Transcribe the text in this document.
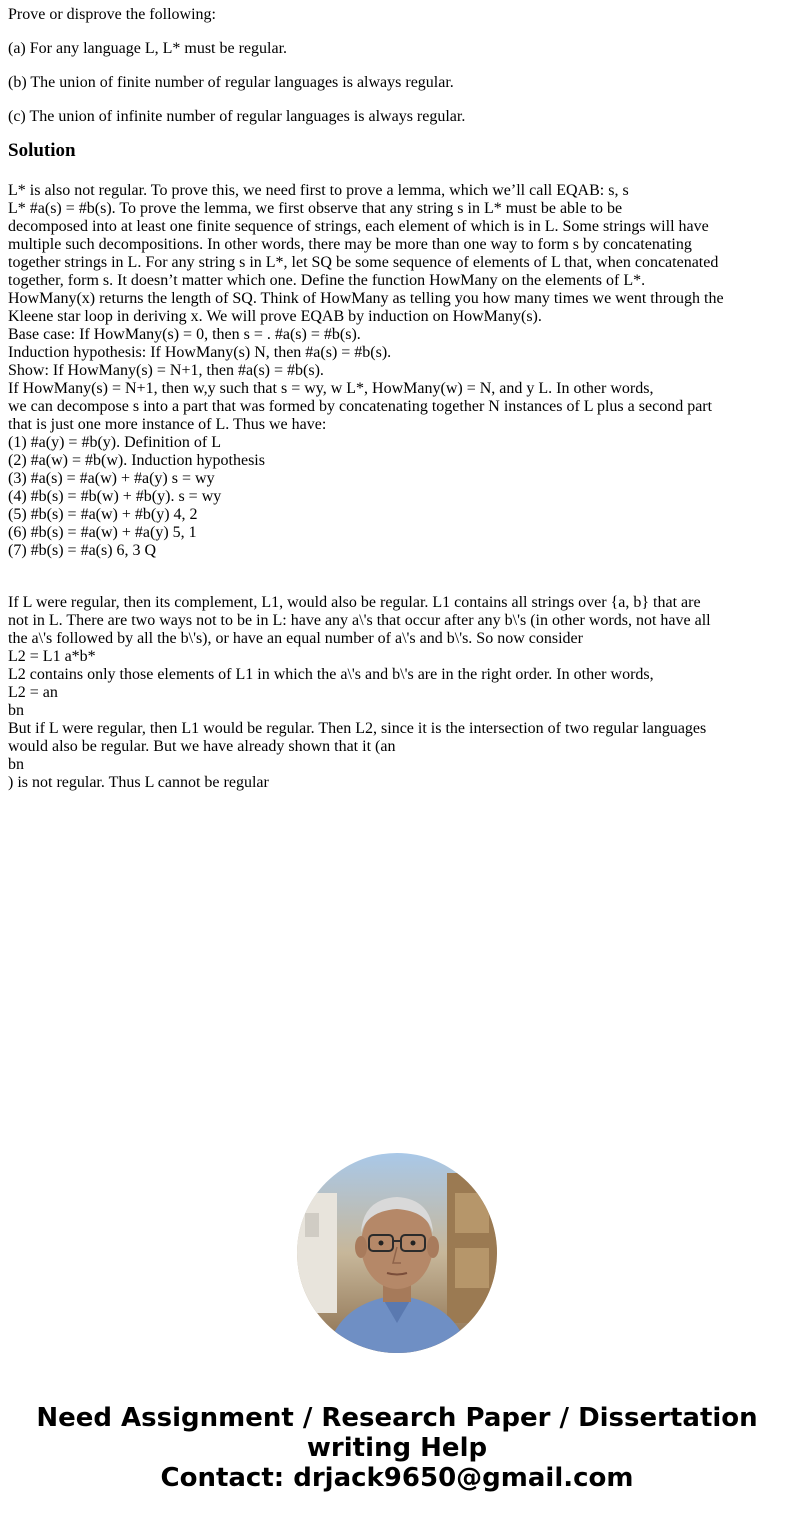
Prove or disprove the following:

(a) For any language L, L* must be regular.

(b) The union of finite number of regular languages is always regular.

(c) The union of infinite number of regular languages is always regular.

Solution
L* is also not regular. To prove this, we need first to prove a lemma, which we’ll call EQAB: s, s
L* #a(s) = #b(s). To prove the lemma, we first observe that any string s in L* must be able to be
decomposed into at least one finite sequence of strings, each element of which is in L. Some strings will have
multiple such decompositions. In other words, there may be more than one way to form s by concatenating
together strings in L. For any string s in L*, let SQ be some sequence of elements of L that, when concatenated
together, form s. It doesn’t matter which one. Define the function HowMany on the elements of L*.
HowMany(x) returns the length of SQ. Think of HowMany as telling you how many times we went through the
Kleene star loop in deriving x. We will prove EQAB by induction on HowMany(s).
Base case: If HowMany(s) = 0, then s = . #a(s) = #b(s).
Induction hypothesis: If HowMany(s) N, then #a(s) = #b(s).
Show: If HowMany(s) = N+1, then #a(s) = #b(s).
If HowMany(s) = N+1, then w,y such that s = wy, w L*, HowMany(w) = N, and y L. In other words,
we can decompose s into a part that was formed by concatenating together N instances of L plus a second part
that is just one more instance of L. Thus we have:
(1) #a(y) = #b(y). Definition of L
(2) #a(w) = #b(w). Induction hypothesis
(3) #a(s) = #a(w) + #a(y) s = wy
(4) #b(s) = #b(w) + #b(y). s = wy
(5) #b(s) = #a(w) + #b(y) 4, 2
(6) #b(s) = #a(w) + #a(y) 5, 1
(7) #b(s) = #a(s) 6, 3 Q
If L were regular, then its complement, L1, would also be regular. L1 contains all strings over {a, b} that are
not in L. There are two ways not to be in L: have any a\'s that occur after any b\'s (in other words, not have all
the a\'s followed by all the b\'s), or have an equal number of a\'s and b\'s. So now consider
L2 = L1 a*b*
L2 contains only those elements of L1 in which the a\'s and b\'s are in the right order. In other words,
L2 = an
bn
But if L were regular, then L1 would be regular. Then L2, since it is the intersection of two regular languages
would also be regular. But we have already shown that it (an
bn
) is not regular. Thus L cannot be regular
Need Assignment / Research Paper / Dissertation
writing Help
Contact: drjack9650@gmail.com
